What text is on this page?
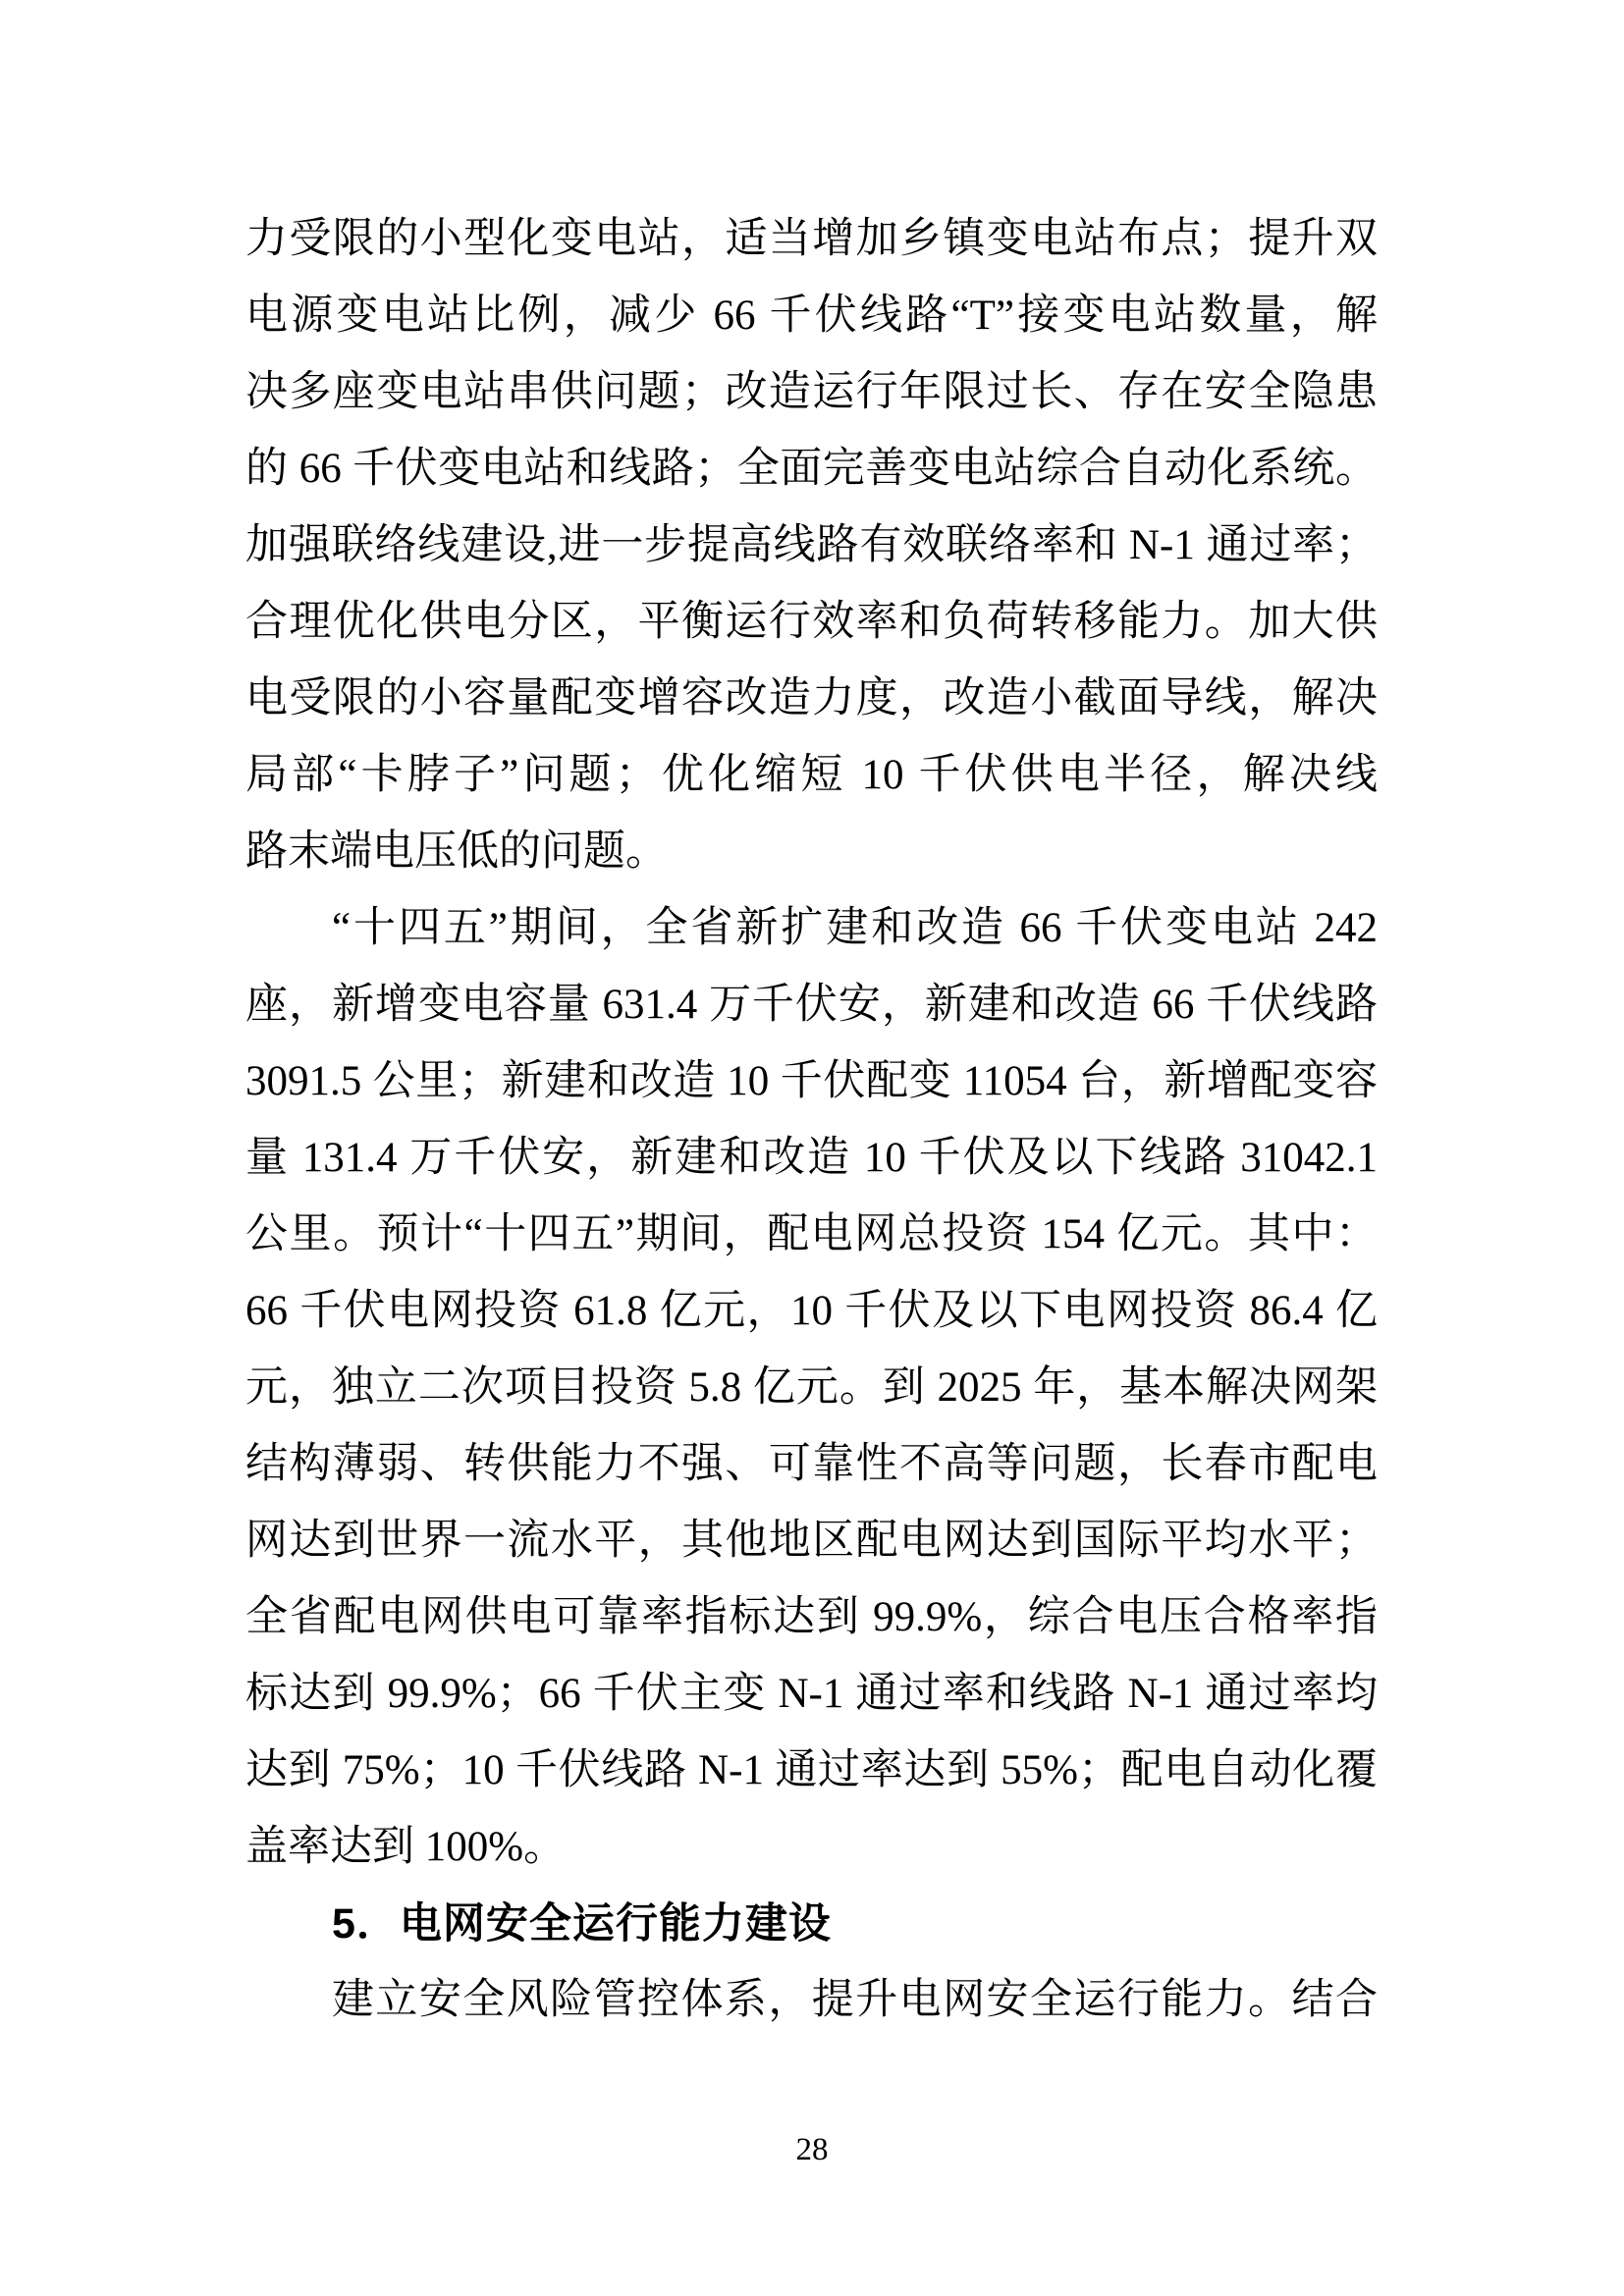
力受限的小型化变电站，适当增加乡镇变电站布点；提升双
电源变电站比例，减少 66 千伏线路“T”接变电站数量，解
决多座变电站串供问题；改造运行年限过长、存在安全隐患
的 66 千伏变电站和线路；全面完善变电站综合自动化系统。
加强联络线建设,进一步提高线路有效联络率和 N-1 通过率；
合理优化供电分区，平衡运行效率和负荷转移能力。加大供
电受限的小容量配变增容改造力度，改造小截面导线，解决
局部“卡脖子”问题；优化缩短 10 千伏供电半径，解决线
路末端电压低的问题。
“十四五”期间，全省新扩建和改造 66 千伏变电站 242
座，新增变电容量 631.4 万千伏安，新建和改造 66 千伏线路
3091.5 公里；新建和改造 10 千伏配变 11054 台，新增配变容
量 131.4 万千伏安，新建和改造 10 千伏及以下线路 31042.1
公里。预计“十四五”期间，配电网总投资 154 亿元。其中：
66 千伏电网投资 61.8 亿元，10 千伏及以下电网投资 86.4 亿
元，独立二次项目投资 5.8 亿元。到 2025 年，基本解决网架
结构薄弱、转供能力不强、可靠性不高等问题，长春市配电
网达到世界一流水平，其他地区配电网达到国际平均水平；
全省配电网供电可靠率指标达到 99.9%，综合电压合格率指
标达到 99.9%；66 千伏主变 N-1 通过率和线路 N-1 通过率均
达到 75%；10 千伏线路 N-1 通过率达到 55%；配电自动化覆
盖率达到 100%。
5．电网安全运行能力建设
建立安全风险管控体系，提升电网安全运行能力。结合
28
